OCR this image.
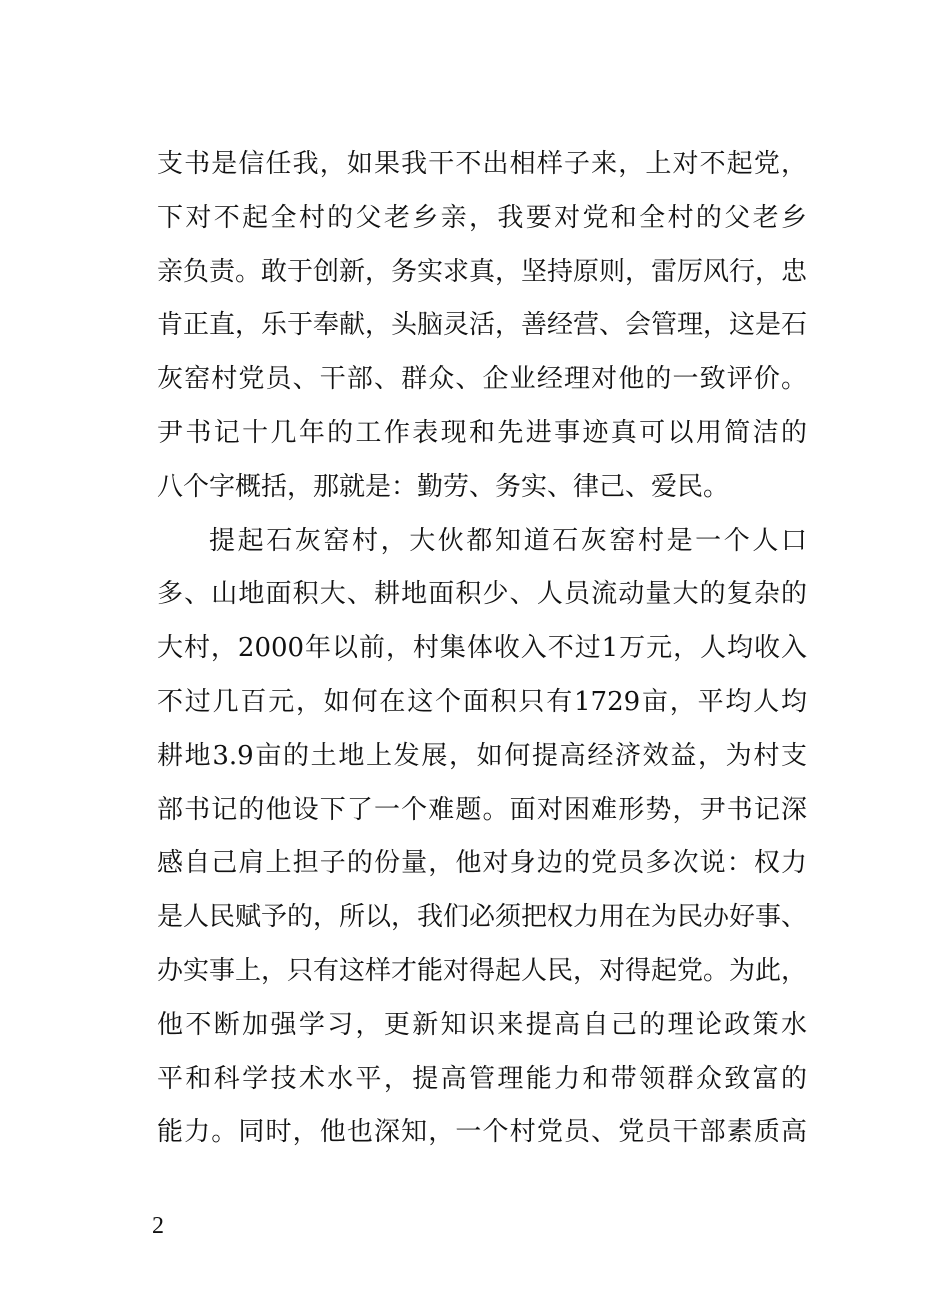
支书是信任我，如果我干不出相样子来，上对不起党，
下对不起全村的父老乡亲，我要对党和全村的父老乡
亲负责。敢于创新，务实求真，坚持原则，雷厉风行，忠
肯正直，乐于奉献，头脑灵活，善经营、会管理，这是石
灰窑村党员、干部、群众、企业经理对他的一致评价。
尹书记十几年的工作表现和先进事迹真可以用简洁的
八个字概括，那就是：勤劳、务实、律己、爱民。
提起石灰窑村，大伙都知道石灰窑村是一个人口
多、山地面积大、耕地面积少、人员流动量大的复杂的
大村，2000年以前，村集体收入不过1万元，人均收入
不过几百元，如何在这个面积只有1729亩，平均人均
耕地3.9亩的土地上发展，如何提高经济效益，为村支
部书记的他设下了一个难题。面对困难形势，尹书记深
感自己肩上担子的份量，他对身边的党员多次说：权力
是人民赋予的，所以，我们必须把权力用在为民办好事、
办实事上，只有这样才能对得起人民，对得起党。为此，
他不断加强学习，更新知识来提高自己的理论政策水
平和科学技术水平，提高管理能力和带领群众致富的
能力。同时，他也深知，一个村党员、党员干部素质高
2
